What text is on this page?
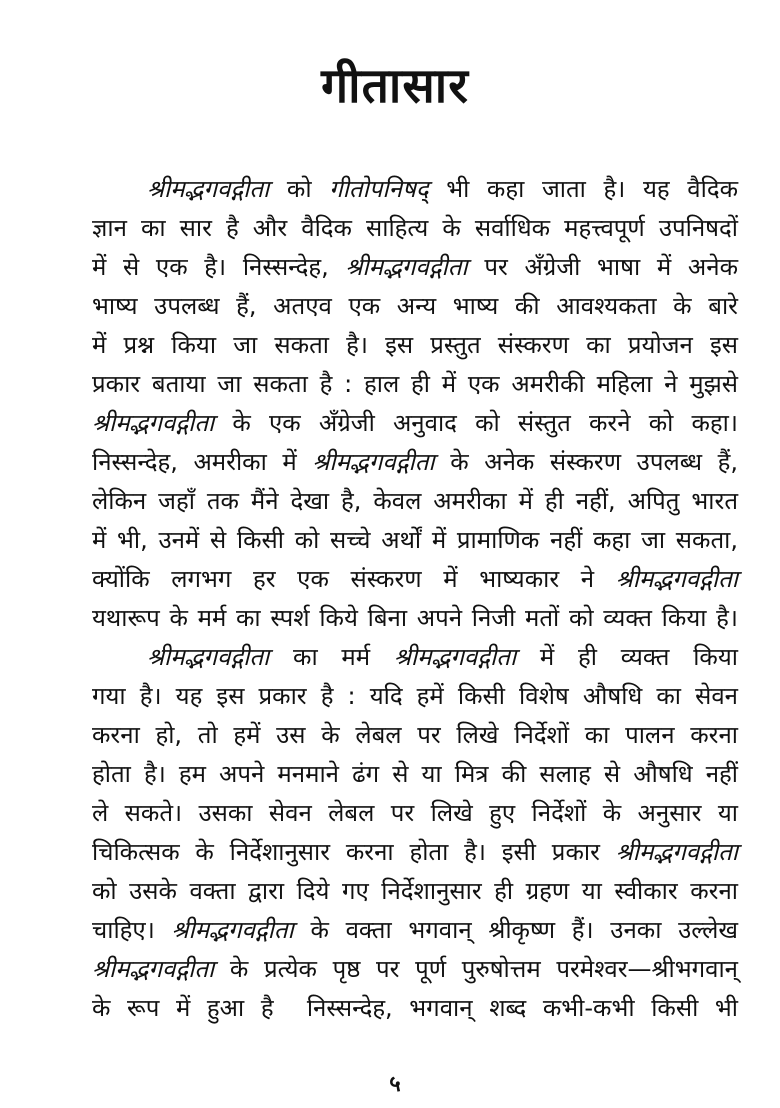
गीतासार
श्रीमद्भगवद्गीता को गीतोपनिषद् भी कहा जाता है। यह वैदिक
ज्ञान का सार है और वैदिक साहित्य के सर्वाधिक महत्त्वपूर्ण उपनिषदों
में से एक है। निस्सन्देह, श्रीमद्भगवद्गीता पर अँग्रेजी भाषा में अनेक
भाष्य उपलब्ध हैं, अतएव एक अन्य भाष्य की आवश्यकता के बारे
में प्रश्न किया जा सकता है। इस प्रस्तुत संस्करण का प्रयोजन इस
प्रकार बताया जा सकता है : हाल ही में एक अमरीकी महिला ने मुझसे
श्रीमद्भगवद्गीता के एक अँग्रेजी अनुवाद को संस्तुत करने को कहा।
निस्सन्देह, अमरीका में श्रीमद्भगवद्गीता के अनेक संस्करण उपलब्ध हैं,
लेकिन जहाँ तक मैंने देखा है, केवल अमरीका में ही नहीं, अपितु भारत
में भी, उनमें से किसी को सच्चे अर्थों में प्रामाणिक नहीं कहा जा सकता,
क्योंकि लगभग हर एक संस्करण में भाष्यकार ने श्रीमद्भगवद्गीता
यथारूप के मर्म का स्पर्श किये बिना अपने निजी मतों को व्यक्त किया है।
श्रीमद्भगवद्गीता का मर्म श्रीमद्भगवद्गीता में ही व्यक्त किया
गया है। यह इस प्रकार है : यदि हमें किसी विशेष औषधि का सेवन
करना हो, तो हमें उस के लेबल पर लिखे निर्देशों का पालन करना
होता है। हम अपने मनमाने ढंग से या मित्र की सलाह से औषधि नहीं
ले सकते। उसका सेवन लेबल पर लिखे हुए निर्देशों के अनुसार या
चिकित्सक के निर्देशानुसार करना होता है। इसी प्रकार श्रीमद्भगवद्गीता
को उसके वक्ता द्वारा दिये गए निर्देशानुसार ही ग्रहण या स्वीकार करना
चाहिए। श्रीमद्भगवद्गीता के वक्ता भगवान् श्रीकृष्ण हैं। उनका उल्लेख
श्रीमद्भगवद्गीता के प्रत्येक पृष्ठ पर पूर्ण पुरुषोत्तम परमेश्वर—श्रीभगवान्
के रूप में हुआ है  निस्सन्देह, भगवान् शब्द कभी-कभी किसी भी
५
